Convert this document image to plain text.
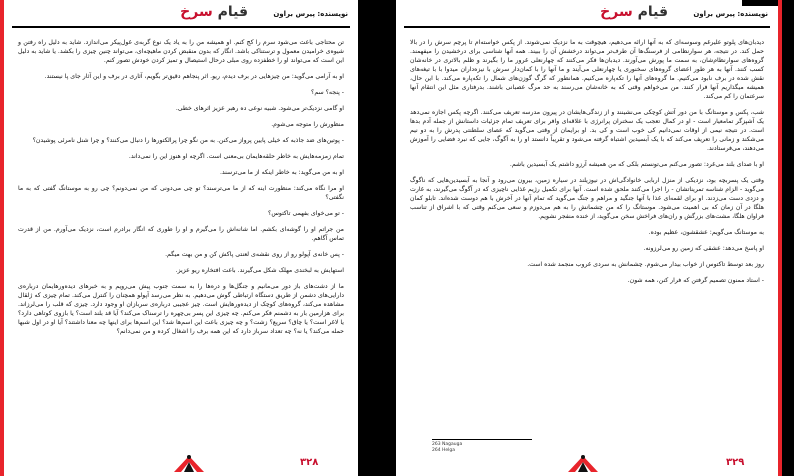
نویسنده: پیرس براون
قیام سرخ

تن محتاجی باعث می‌شود سرم را کج کنم. او همیشه من را به یاد یک نوع گربه‌ی غول‌پیکر می‌اندازد. شاید به دلیل راه رفتن و شیوه‌ی خرامیدن معمول و ترستناکی باشد. انگار که بدون منقبض کردن ماهیچه‌ای، می‌تواند چنین چیزی را بکشد. یا شاید به دلیل این است که می‌تواند او را خطفزده روی مبلی درحال استیصال و تمیز کردن خودش تصور کنم.

او به آرامی می‌گوید: من چیزهایی در برف دیدم، ریو. اثر پنجاهم دقیق‌تر بگویم، آثاری در برف و این آثار جای پا نیستند.

- پنجه؟ سم؟

او گامی نزدیک‌تر می‌شود. شبیه نوعی ده رهبر عزیز اثرهای خطی.

منظورش را متوجه می‌شوم.

- پوتین‌های ضد جاذبه که خیلی پایین پرواز می‌کنن. به من نگو چرا پرالکتورها را دنبال می‌کنند؟ و چرا شنل نامرئی پوشیدن؟

تمام زمزمه‌هایش به خاطر حلقه‌هایمان بی‌معنی است. اگرچه او هنوز این را نمی‌داند.

او به من می‌گوید: به خاطر اینکه از ما می‌ترسند.

او مرا نگاه می‌کند: منظورت اینه که از ما می‌ترسند؟ تو چی می‌دونی که من نمی‌دونم؟ چی رو به موستانگ گفتی که به ما نگفتی؟

- تو می‌خوای بفهمی تاکتوس؟

من جراتم او را گوشه‌ای بکشم. اما شانه‌اش را می‌گیرم و او را طوری که انگار برادرم است، نزدیک می‌آورم. من از قدرت تماس آگاهم.

- پس خانه‌ی آپولو رو از روی نقشه‌ی لعنتی پاکش کن و من بهت میگم.

استهایش به لبخندی مهلک شکل می‌گیرند. باعث افتخاره ریو عزیز.

ما از دشت‌های باز دور می‌مانیم و جنگل‌ها و دره‌ها را به سمت جنوب پیش می‌رویم و به خبرهای دیده‌ورهایمان درباره‌ی دارایی‌های دشمن از طریق دستگاه ارتباطی گوش می‌دهیم. به نظر می‌رسد آپولو همچنان را کنترل می‌کند. تمام چیزی که ژلقال مشاهده می‌کند، گروه‌های کوچک از دیده‌ورهایش است. چیز عجیبی درباره‌ی سربازان او وجود دارد. چیزی که قلب را می‌لرزاند. برای هزارمین بار به دشمنم فکر می‌کنم. چه چیزی این پسر بی‌چهره را ترسناک می‌کند؟ آیا قد بلند است؟ یا بازوی کوتاهی دارد؟ یا لاغر است؟ یا چاق؟ سریع؟ زشت؟ و چه چیزی باعث این اسم‌ها شد؟ این اسم‌ها برای اینها چه معنا داشتند؟ آیا او در اول شبها حمله می‌کند؟ یا نه؟ چه تعداد سرباز دارد که این همه برف را اشغال کرده و من نمی‌دانم؟

۳۲۸
نویسنده: پیرس براون
قیام سرخ

دیدبان‌های پلوتو علیرغم وسوسه‌ای که به آنها ارائه می‌دهیم، هیچوقت به ما نزدیک نمی‌شوند. از پکس خواسته‌ام تا پرچم سرش را در بالا حمل کند. در نتیجه، هر سوارنظامی از فرسنگ‌ها آن طرف‌تر می‌تواند درخشش آن را ببیند. همه آنها شناسی برای درخشیدن را میفهمند. گروه‌های سوارنظام‌شان، به سمت ما پورش می‌آورند. دیدبان‌ها فکر می‌کنند که چهارنعلی غرور ما را بگیرند و ظلم بالاتری در خانه‌شان کسب کنند. آنها به هر طور اعضای گروه‌های سخنوری یا چهارنعلی می‌آیند و ما آنها را با کمان‌دار سرش با نیزه‌داران میدوا با با تیغه‌های نقش شده در برف نابود می‌کنیم. ما گروه‌های آنها را تکه‌پاره می‌کنیم. همانطور که گرگ گوزن‌های شمال را تکه‌پاره می‌کند. با این حال، همیشه میگذاریم آنها فرار کنند. من می‌خواهم وقتی که به خانه‌شان می‌رسند به حد مرگ عصبانی باشند. بدرفتاری مثل این انتقام آنها سرعتمان را کم می‌کند.

شب، پکس و موستانگ با من دور آتش کوچکی می‌نشینند و از زندگی‌هایشان در پیرون مدرسه تعریف می‌کنند. اگرچه پکس اجازه نمی‌دهد یک آشپزگر تمامعیار است - او در کمال تعجب یک سخنران پرانرژی با علاقه‌ای وافر برای تعریف تمام جزئیات داستانش از جمله آدم بدها است. در نتیجه نیمی از اوقات نمی‌دانیم کی خوب است و کی بد. او برایمان از وقتی می‌گوید که عصای سلطنتی پدرش را به دو نیم می‌شکند و زمانی را تعریف می‌کند که با یک آبسیدین اشتباه گرفته می‌شود و تقریباً دانستد او را به آگوگ، جایی که نبرد فضایی را آموزش می‌دهند، می‌فرستادند.

او با صدای بلند می‌غرد: تصور می‌کنم می‌تونستم بلکی که من همیشه آرزو داشتم یک آبسیدین باشم.

وقتی یک پسربچه بود، نزدیکی از منزل اربابی خانوادگی‌اش در نیوزیلند در سیاره زمین، بیرون می‌رود و آنجا به آبسیدین‌هایی که ناگوگ می‌گوید - الزام شناسه تمرینا‌تشان - را اجرا می‌کنند ملحق شده است. آنها برای تکمیل رژیم غذایی ناچیزی که در آگوگ می‌گیرند، به غارت و دزدی دست می‌زدند. او برای لقمه‌ای غذا با آنها جنگید و مراهم و جنگ می‌گوید که تمام آنها در آخرش با هم دوست شده‌اند. تابلو کمان هلگا در آن زمان که بی اهمیت می‌شود. موستانگ را که من چشمانش را به هم می‌دوزم و سعی می‌کنم وقتی که با اشراق از تناسب فراوان هلگا، مشت‌های بزرگش و ران‌های فراخش سخن می‌گوید، از خنده منفجر نشویم.

به موستانگ می‌گویم: عشقشون، عظیم بوده.

او پاسخ می‌دهد: عشقی که زمین رو می‌لرزونه.

روز بعد توسط تاکتوس از خواب بیدار می‌شوم. چشمانش به سردی غروب منجمد شده است.

- استاد ممنون تصمیم گرفتن که فرار کنن، همه شون.

263 Nagauga
264 Helga
۳۲۹
